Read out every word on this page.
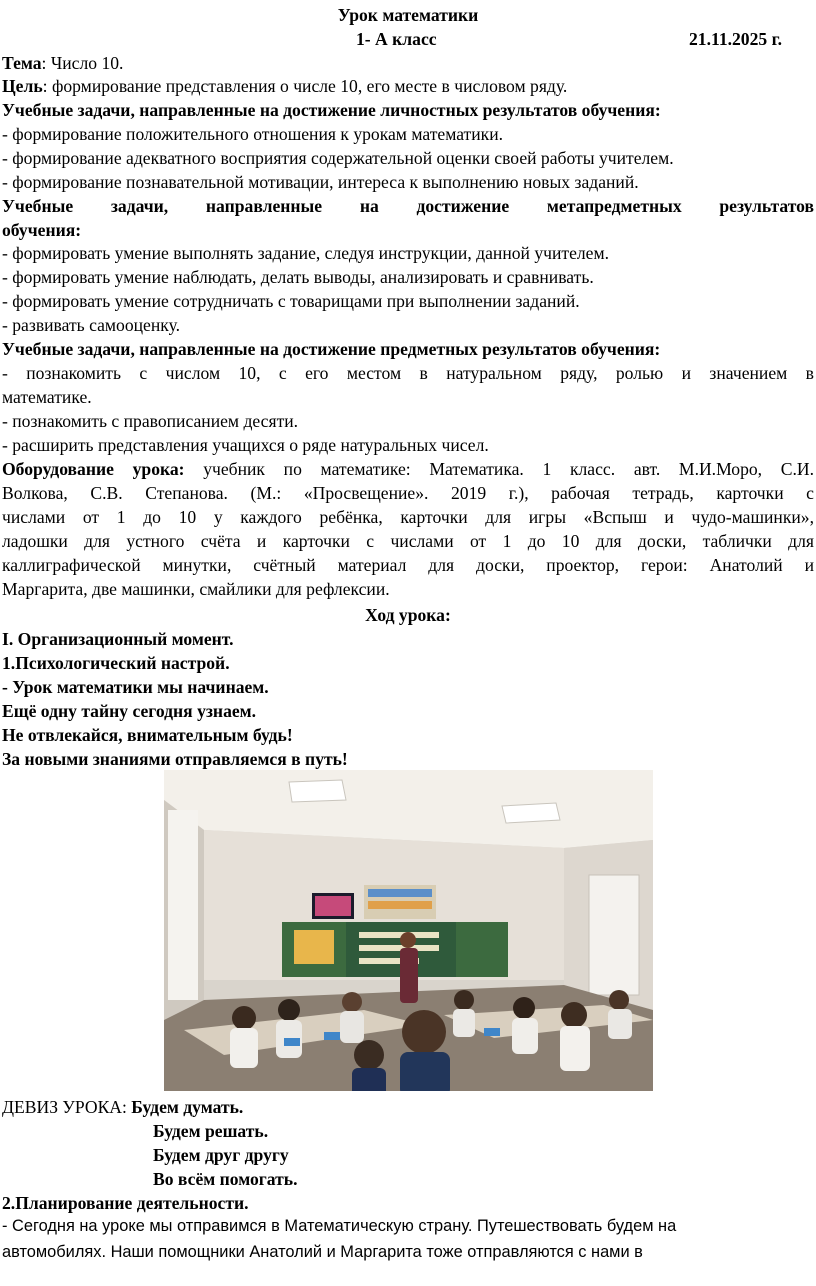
Урок математики
1- А класс	21.11.2025 г.
Тема: Число 10.
Цель: формирование представления о числе 10, его месте в числовом ряду.
Учебные задачи, направленные на достижение личностных результатов обучения:
- формирование положительного отношения к урокам математики.
- формирование адекватного восприятия содержательной оценки своей работы учителем.
- формирование познавательной мотивации, интереса к выполнению новых заданий.
Учебные задачи, направленные на достижение метапредметных результатов
обучения:
- формировать умение выполнять задание, следуя инструкции, данной учителем.
- формировать умение наблюдать, делать выводы, анализировать и сравнивать.
- формировать умение сотрудничать с товарищами при выполнении заданий.
- развивать самооценку.
Учебные задачи, направленные на достижение предметных результатов обучения:
- познакомить с числом 10, с его местом в натуральном ряду, ролью и значением в
математике.
- познакомить с правописанием десяти.
- расширить представления учащихся о ряде натуральных чисел.
Оборудование урока: учебник по математике: Математика. 1 класс. авт. М.И.Моро, С.И.
Волкова, С.В. Степанова. (М.: «Просвещение». 2019 г.), рабочая тетрадь, карточки с
числами от 1 до 10 у каждого ребёнка, карточки для игры «Вспыш и чудо-машинки»,
ладошки для устного счёта и карточки с числами от 1 до 10 для доски, таблички для
каллиграфической минутки, счётный материал для доски, проектор, герои: Анатолий и
Маргарита, две машинки, смайлики для рефлексии.
Ход урока:
I. Организационный момент.
1.Психологический настрой.
- Урок математики мы начинаем.
Ещё одну тайну сегодня узнаем.
Не отвлекайся, внимательным будь!
За новыми знаниями отправляемся в путь!
ДЕВИЗ УРОКА: Будем думать.
Будем решать.
Будем друг другу
Во всём помогать.
2.Планирование деятельности.
- Сегодня на уроке мы отправимся в Математическую страну. Путешествовать будем на
автомобилях. Наши помощники Анатолий и Маргарита тоже отправляются с нами в
